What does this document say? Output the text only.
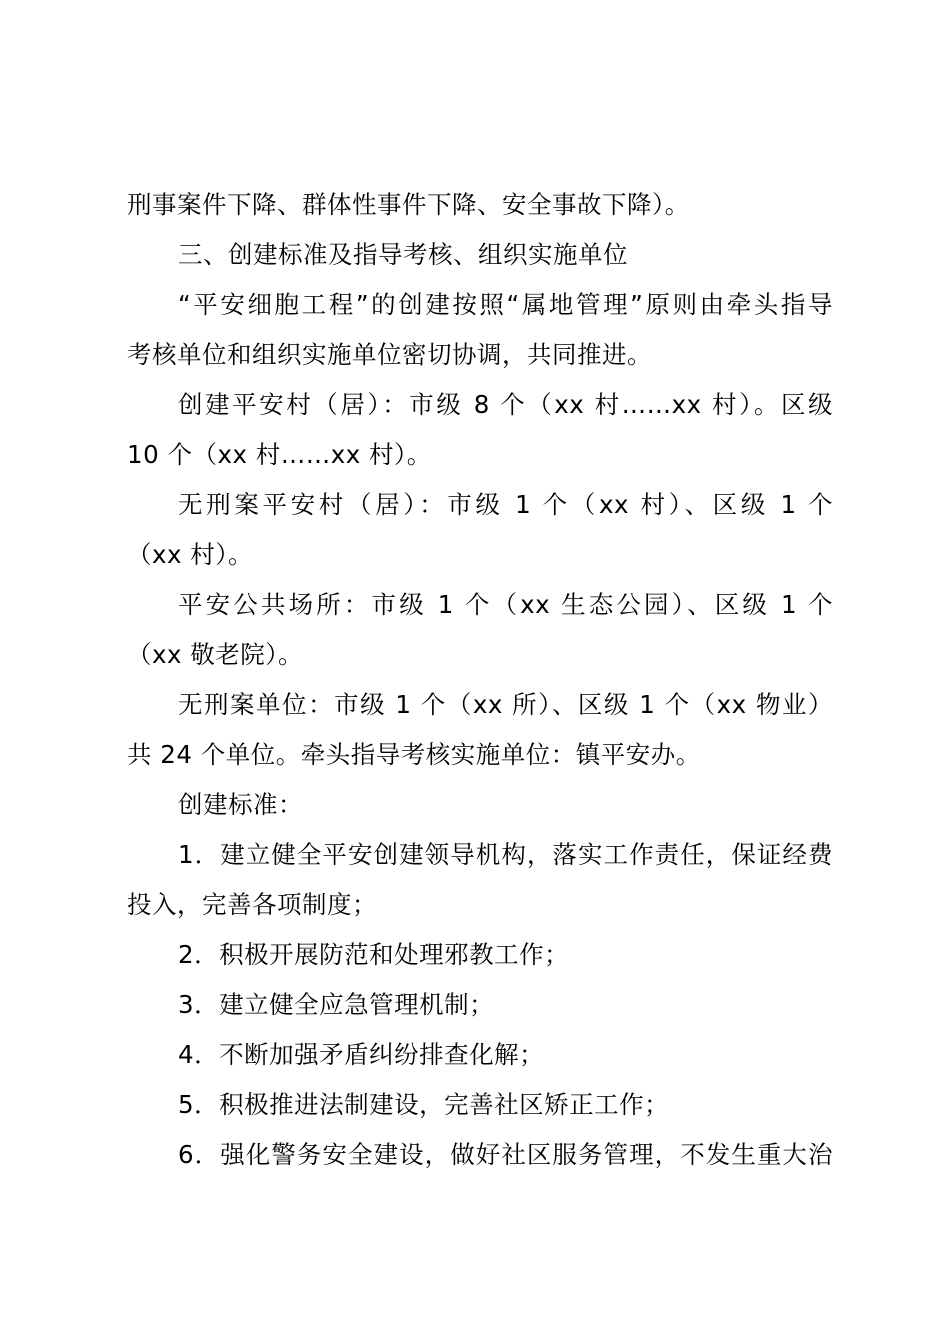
刑事案件下降、群体性事件下降、安全事故下降）。
三、创建标准及指导考核、组织实施单位
“平安细胞工程”的创建按照“属地管理”原则由牵头指导
考核单位和组织实施单位密切协调，共同推进。
创建平安村（居）：市级 8 个（xx 村……xx 村）。区级
10 个（xx 村……xx 村）。
无刑案平安村（居）：市级 1 个（xx 村）、区级 1 个
（xx 村）。
平安公共场所：市级 1 个（xx 生态公园）、区级 1 个
（xx 敬老院）。
无刑案单位：市级 1 个（xx 所）、区级 1 个（xx 物业）
共 24 个单位。牵头指导考核实施单位：镇平安办。
创建标准：
1．建立健全平安创建领导机构，落实工作责任，保证经费
投入，完善各项制度；
2．积极开展防范和处理邪教工作；
3．建立健全应急管理机制；
4．不断加强矛盾纠纷排查化解；
5．积极推进法制建设，完善社区矫正工作；
6．强化警务安全建设，做好社区服务管理，不发生重大治
